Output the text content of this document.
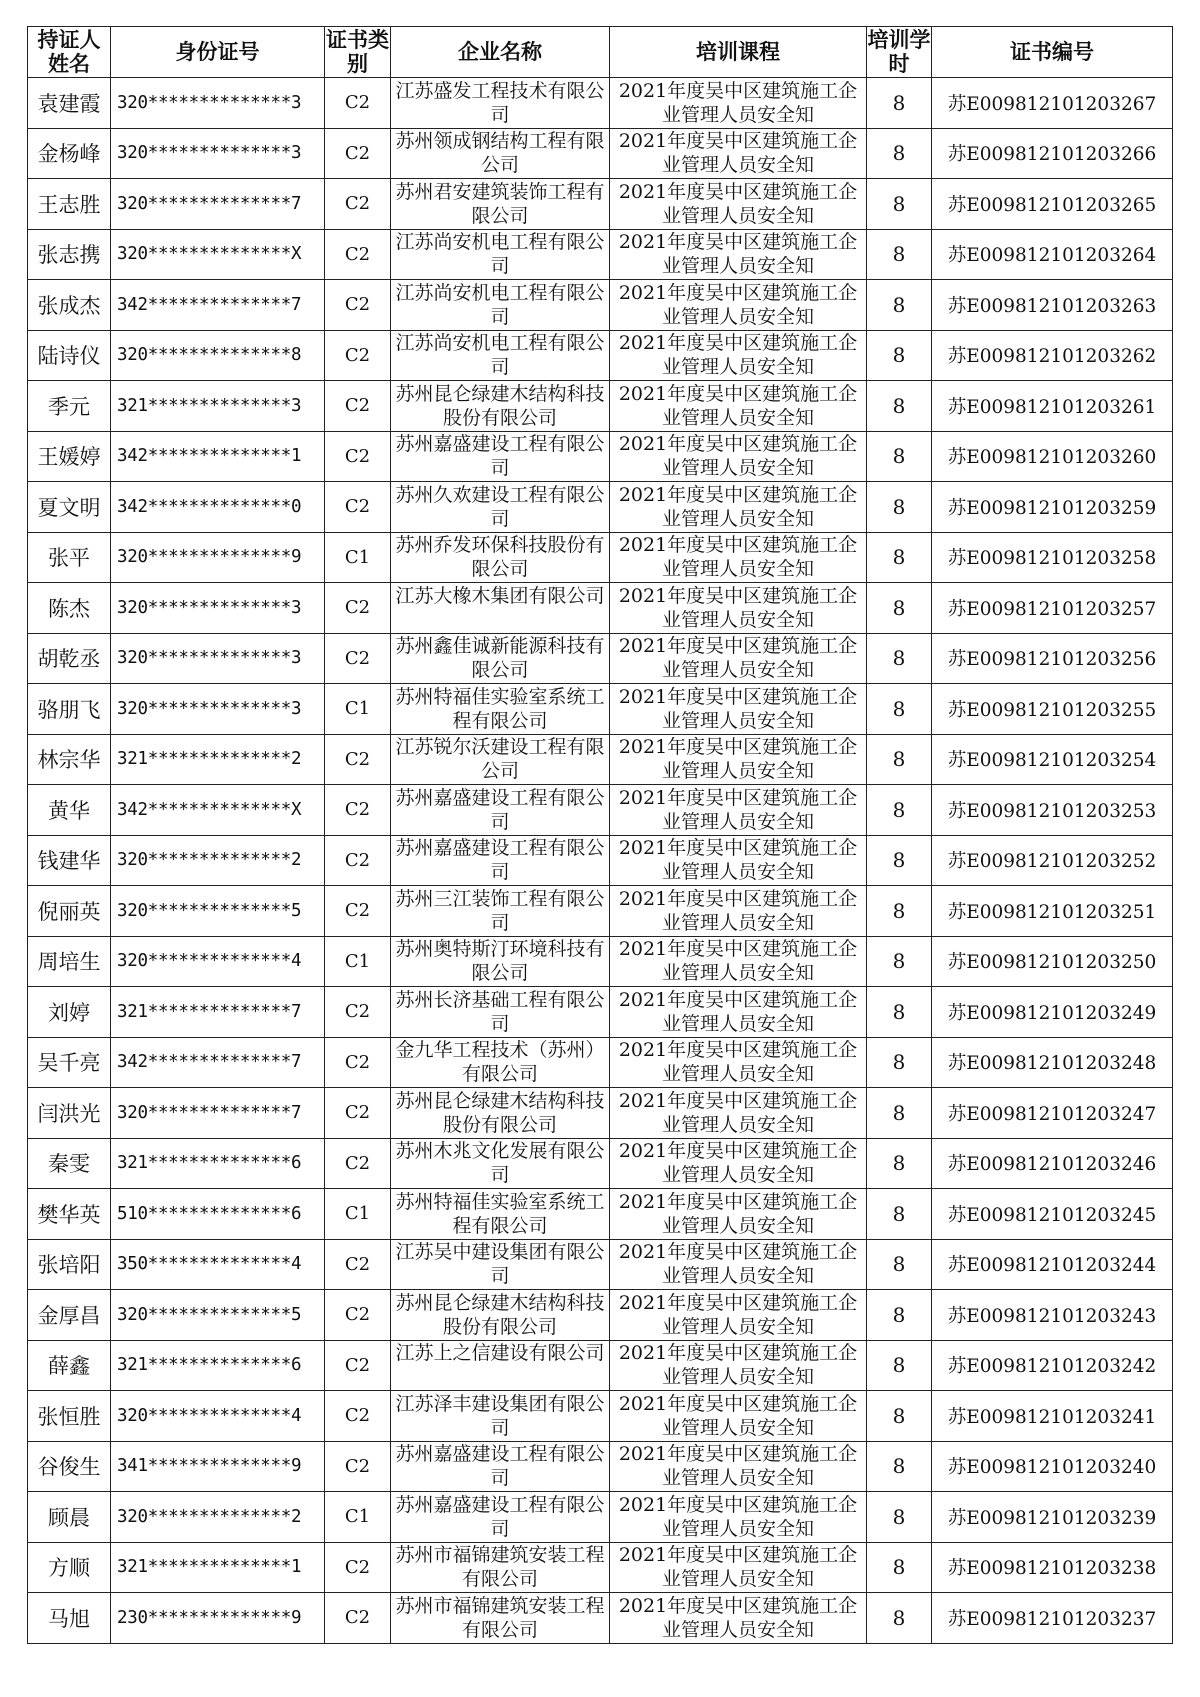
持证人姓名	身份证号	证书类别	企业名称	培训课程	培训学时	证书编号
袁建霞	320**************3	C2	江苏盛发工程技术有限公司	2021年度吴中区建筑施工企业管理人员安全知	8	苏E009812101203267
金杨峰	320**************3	C2	苏州领成钢结构工程有限公司	2021年度吴中区建筑施工企业管理人员安全知	8	苏E009812101203266
王志胜	320**************7	C2	苏州君安建筑装饰工程有限公司	2021年度吴中区建筑施工企业管理人员安全知	8	苏E009812101203265
张志携	320**************X	C2	江苏尚安机电工程有限公司	2021年度吴中区建筑施工企业管理人员安全知	8	苏E009812101203264
张成杰	342**************7	C2	江苏尚安机电工程有限公司	2021年度吴中区建筑施工企业管理人员安全知	8	苏E009812101203263
陆诗仪	320**************8	C2	江苏尚安机电工程有限公司	2021年度吴中区建筑施工企业管理人员安全知	8	苏E009812101203262
季元	321**************3	C2	苏州昆仑绿建木结构科技股份有限公司	2021年度吴中区建筑施工企业管理人员安全知	8	苏E009812101203261
王媛婷	342**************1	C2	苏州嘉盛建设工程有限公司	2021年度吴中区建筑施工企业管理人员安全知	8	苏E009812101203260
夏文明	342**************0	C2	苏州久欢建设工程有限公司	2021年度吴中区建筑施工企业管理人员安全知	8	苏E009812101203259
张平	320**************9	C1	苏州乔发环保科技股份有限公司	2021年度吴中区建筑施工企业管理人员安全知	8	苏E009812101203258
陈杰	320**************3	C2	江苏大橡木集团有限公司	2021年度吴中区建筑施工企业管理人员安全知	8	苏E009812101203257
胡乾丞	320**************3	C2	苏州鑫佳诚新能源科技有限公司	2021年度吴中区建筑施工企业管理人员安全知	8	苏E009812101203256
骆朋飞	320**************3	C1	苏州特福佳实验室系统工程有限公司	2021年度吴中区建筑施工企业管理人员安全知	8	苏E009812101203255
林宗华	321**************2	C2	江苏锐尔沃建设工程有限公司	2021年度吴中区建筑施工企业管理人员安全知	8	苏E009812101203254
黄华	342**************X	C2	苏州嘉盛建设工程有限公司	2021年度吴中区建筑施工企业管理人员安全知	8	苏E009812101203253
钱建华	320**************2	C2	苏州嘉盛建设工程有限公司	2021年度吴中区建筑施工企业管理人员安全知	8	苏E009812101203252
倪丽英	320**************5	C2	苏州三江装饰工程有限公司	2021年度吴中区建筑施工企业管理人员安全知	8	苏E009812101203251
周培生	320**************4	C1	苏州奥特斯汀环境科技有限公司	2021年度吴中区建筑施工企业管理人员安全知	8	苏E009812101203250
刘婷	321**************7	C2	苏州长济基础工程有限公司	2021年度吴中区建筑施工企业管理人员安全知	8	苏E009812101203249
吴千亮	342**************7	C2	金九华工程技术（苏州）有限公司	2021年度吴中区建筑施工企业管理人员安全知	8	苏E009812101203248
闫洪光	320**************7	C2	苏州昆仑绿建木结构科技股份有限公司	2021年度吴中区建筑施工企业管理人员安全知	8	苏E009812101203247
秦雯	321**************6	C2	苏州木兆文化发展有限公司	2021年度吴中区建筑施工企业管理人员安全知	8	苏E009812101203246
樊华英	510**************6	C1	苏州特福佳实验室系统工程有限公司	2021年度吴中区建筑施工企业管理人员安全知	8	苏E009812101203245
张培阳	350**************4	C2	江苏吴中建设集团有限公司	2021年度吴中区建筑施工企业管理人员安全知	8	苏E009812101203244
金厚昌	320**************5	C2	苏州昆仑绿建木结构科技股份有限公司	2021年度吴中区建筑施工企业管理人员安全知	8	苏E009812101203243
薛鑫	321**************6	C2	江苏上之信建设有限公司	2021年度吴中区建筑施工企业管理人员安全知	8	苏E009812101203242
张恒胜	320**************4	C2	江苏泽丰建设集团有限公司	2021年度吴中区建筑施工企业管理人员安全知	8	苏E009812101203241
谷俊生	341**************9	C2	苏州嘉盛建设工程有限公司	2021年度吴中区建筑施工企业管理人员安全知	8	苏E009812101203240
顾晨	320**************2	C1	苏州嘉盛建设工程有限公司	2021年度吴中区建筑施工企业管理人员安全知	8	苏E009812101203239
方顺	321**************1	C2	苏州市福锦建筑安装工程有限公司	2021年度吴中区建筑施工企业管理人员安全知	8	苏E009812101203238
马旭	230**************9	C2	苏州市福锦建筑安装工程有限公司	2021年度吴中区建筑施工企业管理人员安全知	8	苏E009812101203237
